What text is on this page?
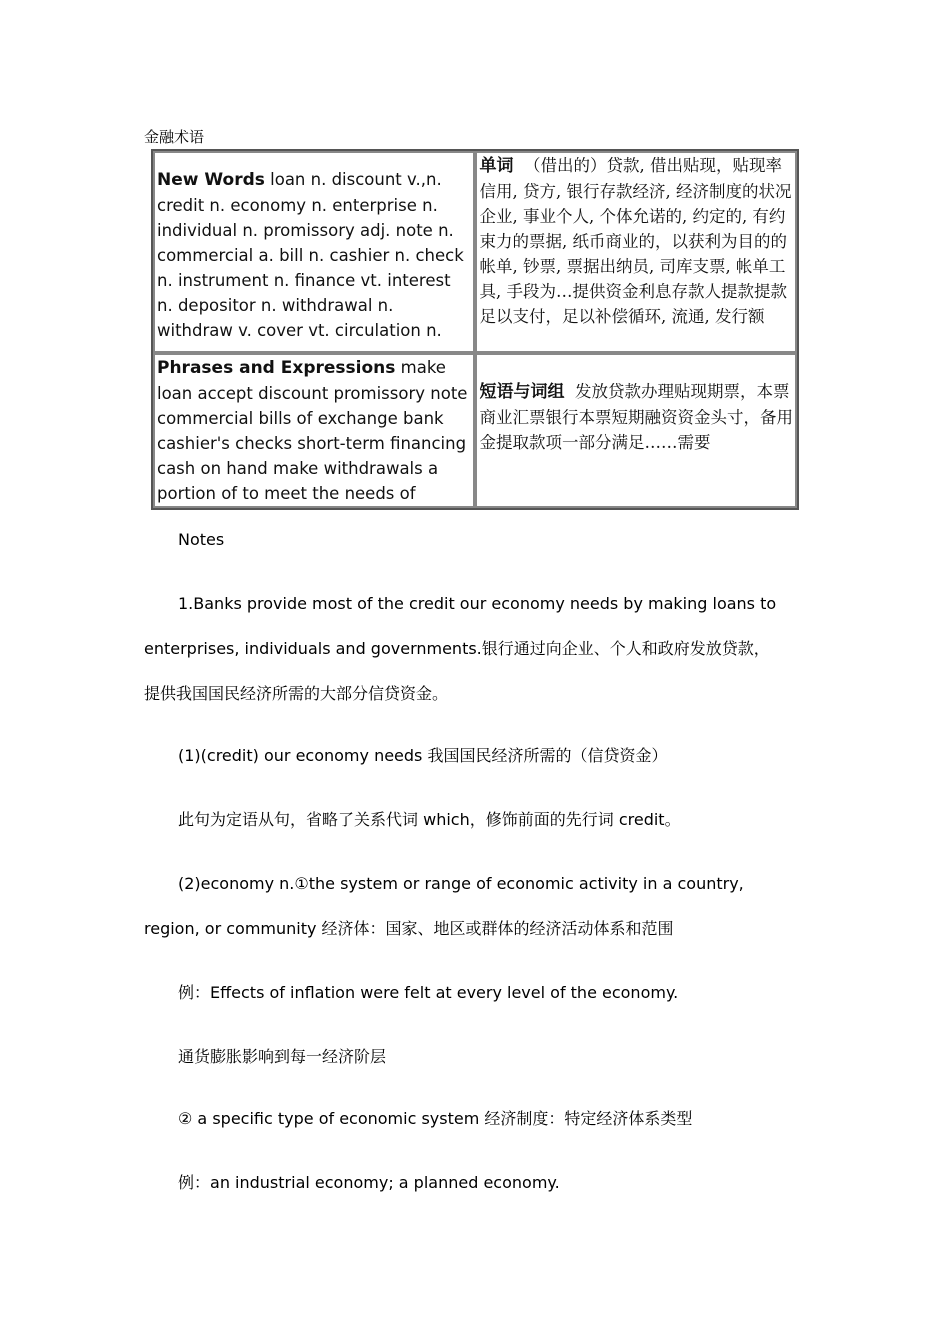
金融术语
New Words loan n. discount v.,n. credit n. economy n. enterprise n. individual n. promissory adj. note n. commercial a. bill n. cashier n. check n. instrument n. finance vt. interest n. depositor n. withdrawal n. withdraw v. cover vt. circulation n.	单词 （借出的）贷款, 借出贴现，贴现率信用, 贷方, 银行存款经济, 经济制度的状况企业, 事业个人, 个体允诺的, 约定的, 有约束力的票据, 纸币商业的，以获利为目的的帐单, 钞票, 票据出纳员, 司库支票, 帐单工具, 手段为…提供资金利息存款人提款提款足以支付，足以补偿循环, 流通, 发行额
Phrases and Expressions make loan accept discount promissory note commercial bills of exchange bank cashier's checks short-term financing cash on hand make withdrawals a portion of to meet the needs of	短语与词组 发放贷款办理贴现期票，本票商业汇票银行本票短期融资资金头寸，备用金提取款项一部分满足……需要
Notes
1.Banks provide most of the credit our economy needs by making loans to
enterprises, individuals and governments.银行通过向企业、个人和政府发放贷款，
提供我国国民经济所需的大部分信贷资金。
(1)(credit) our economy needs 我国国民经济所需的（信贷资金）
此句为定语从句，省略了关系代词 which，修饰前面的先行词 credit。
(2)economy n.①the system or range of economic activity in a country,
region, or community 经济体：国家、地区或群体的经济活动体系和范围
例：Effects of inflation were felt at every level of the economy.
通货膨胀影响到每一经济阶层
② a specific type of economic system 经济制度：特定经济体系类型
例：an industrial economy; a planned economy.
